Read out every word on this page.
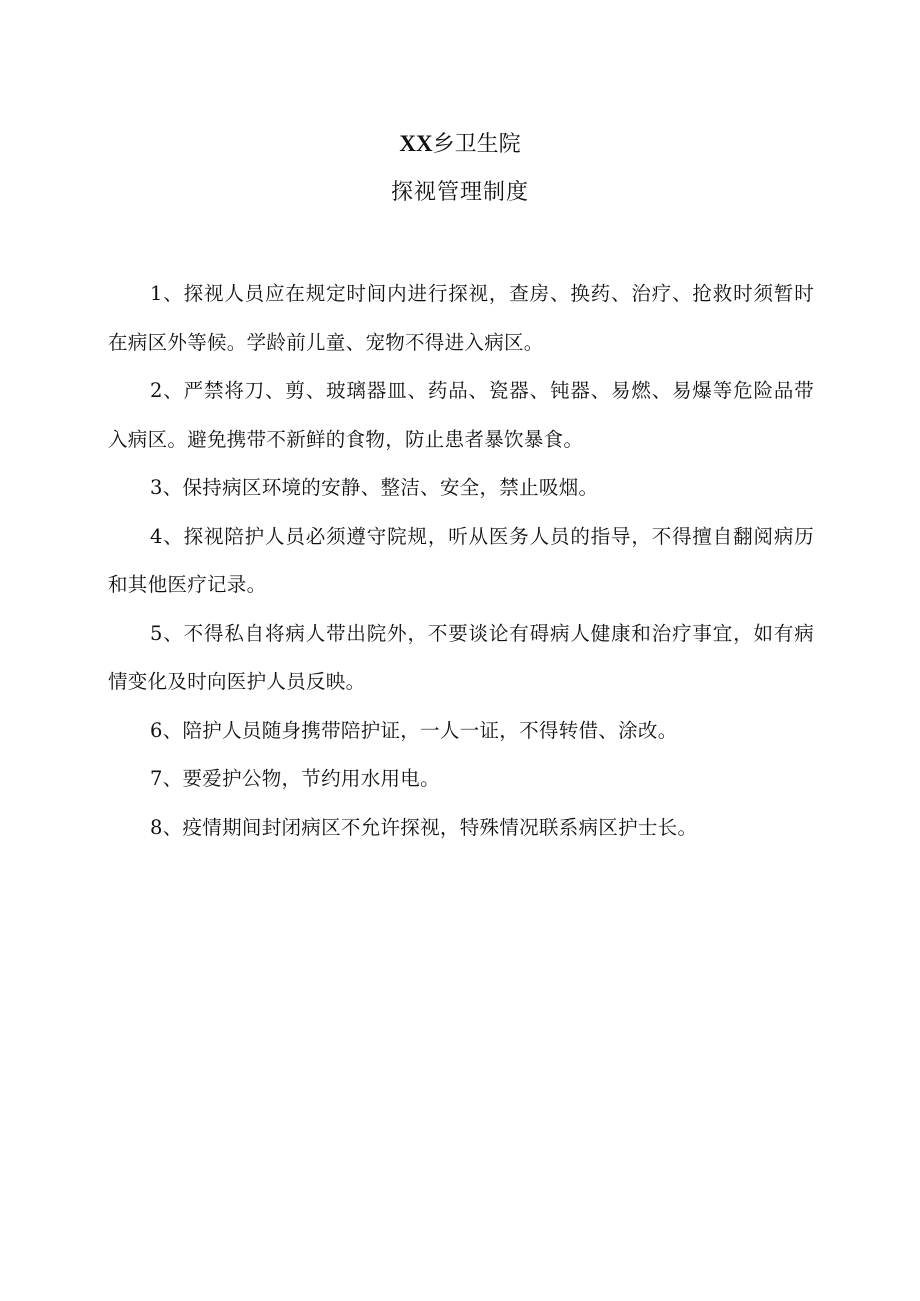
XX乡卫生院
探视管理制度

1、探视人员应在规定时间内进行探视，查房、换药、治疗、抢救时须暂时在病区外等候。学龄前儿童、宠物不得进入病区。

2、严禁将刀、剪、玻璃器皿、药品、瓷器、钝器、易燃、易爆等危险品带入病区。避免携带不新鲜的食物，防止患者暴饮暴食。

3、保持病区环境的安静、整洁、安全，禁止吸烟。

4、探视陪护人员必须遵守院规，听从医务人员的指导，不得擅自翻阅病历和其他医疗记录。

5、不得私自将病人带出院外，不要谈论有碍病人健康和治疗事宜，如有病情变化及时向医护人员反映。

6、陪护人员随身携带陪护证，一人一证，不得转借、涂改。

7、要爱护公物，节约用水用电。

8、疫情期间封闭病区不允许探视，特殊情况联系病区护士长。
